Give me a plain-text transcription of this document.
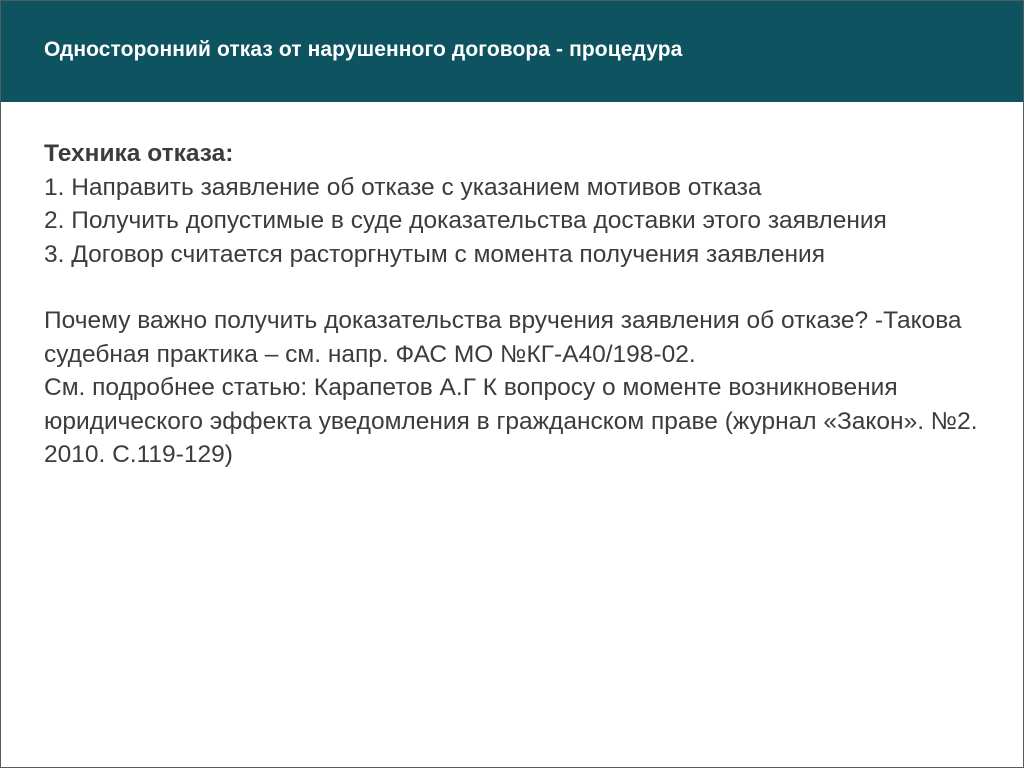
Односторонний отказ от нарушенного договора - процедура

Техника отказа:

1. Направить заявление об отказе с указанием мотивов отказа

2. Получить допустимые в суде доказательства доставки этого заявления

3. Договор считается расторгнутым с момента получения заявления

Почему важно получить доказательства вручения заявления об отказе? -Такова судебная практика – см. напр. ФАС МО №КГ-А40/198-02.

См. подробнее статью: Карапетов А.Г К вопросу о моменте возникновения юридического эффекта уведомления в гражданском праве (журнал «Закон». №2. 2010. С.119-129)
